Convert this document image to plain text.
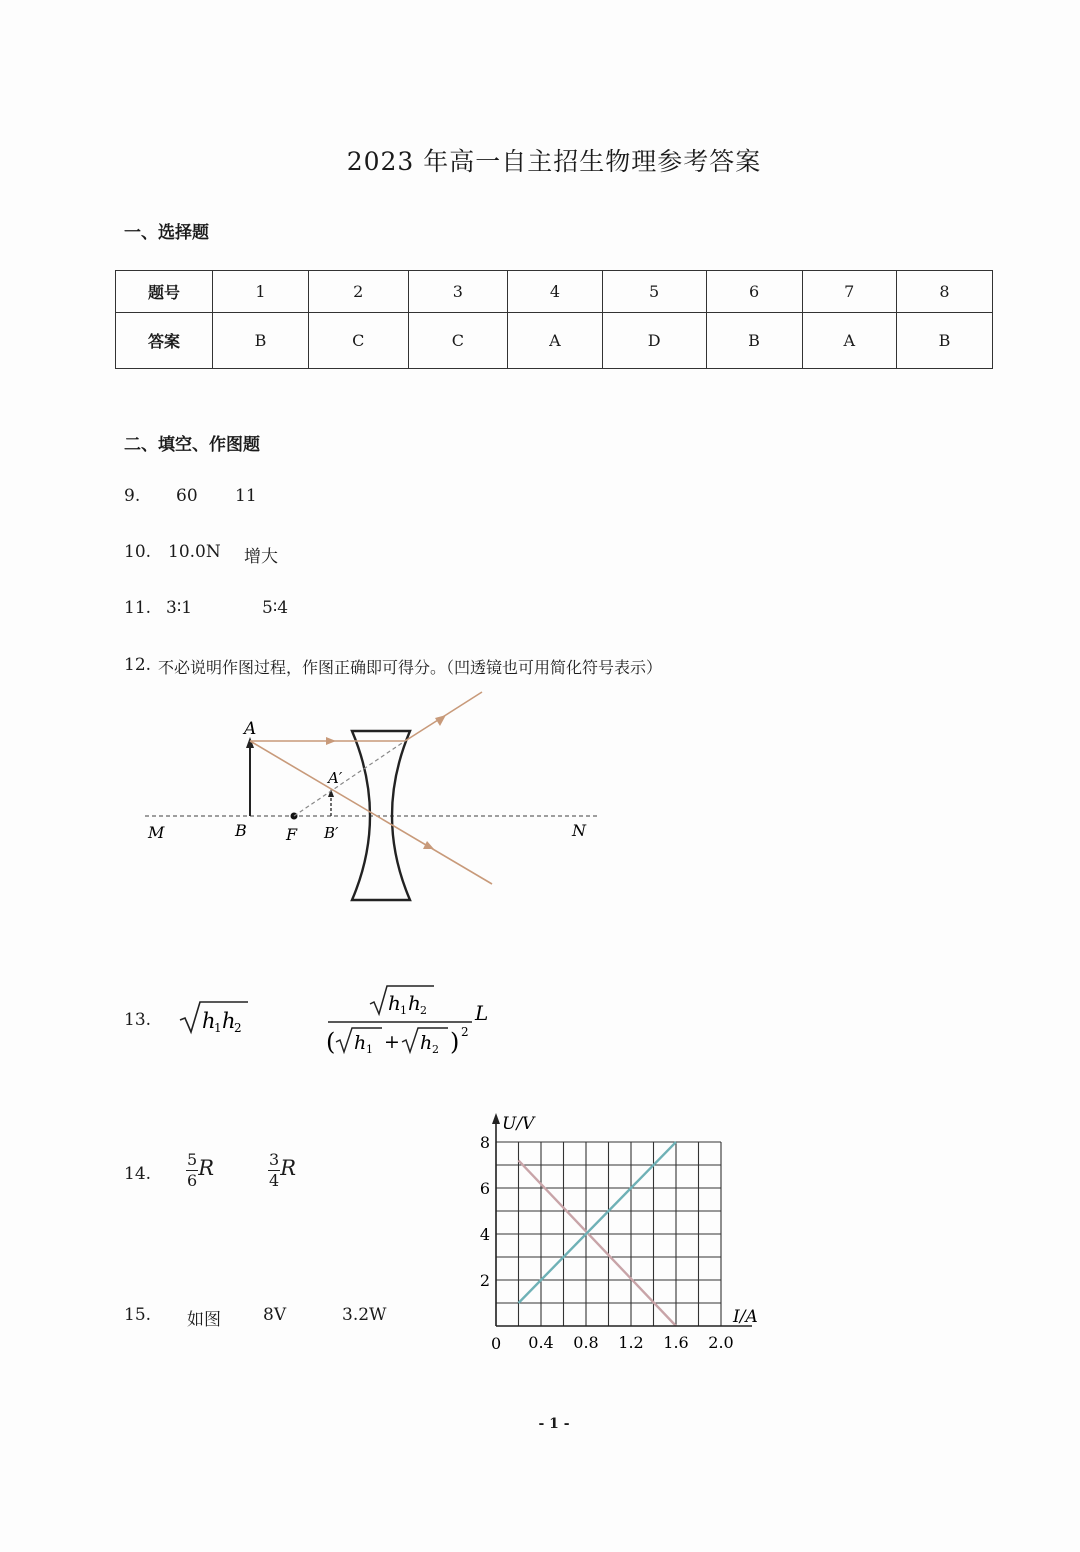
2023 年高一自主招生物理参考答案
一、选择题
题号	1	2	3	4	5	6	7	8
答案	B	C	C	A	D	B	A	B
二、填空、作图题
9. 60 11
10. 10.0N 增大
11. 3∶1	5∶4
12. 不必说明作图过程，作图正确即可得分。（凹透镜也可用简化符号表示）
A
A′
M	B F B′	N
13. h
1 h
2
h 1 h 2
( h 1 + h 2 ) 2
L
14. $\frac{5}{6}$ R	$\frac{3}{4}$ R
15. 如图 8V	3.2W
0.4 0.8 1.2 1.6 2.0
2
4
6
8
U/V
I/A
0
- 1 -
